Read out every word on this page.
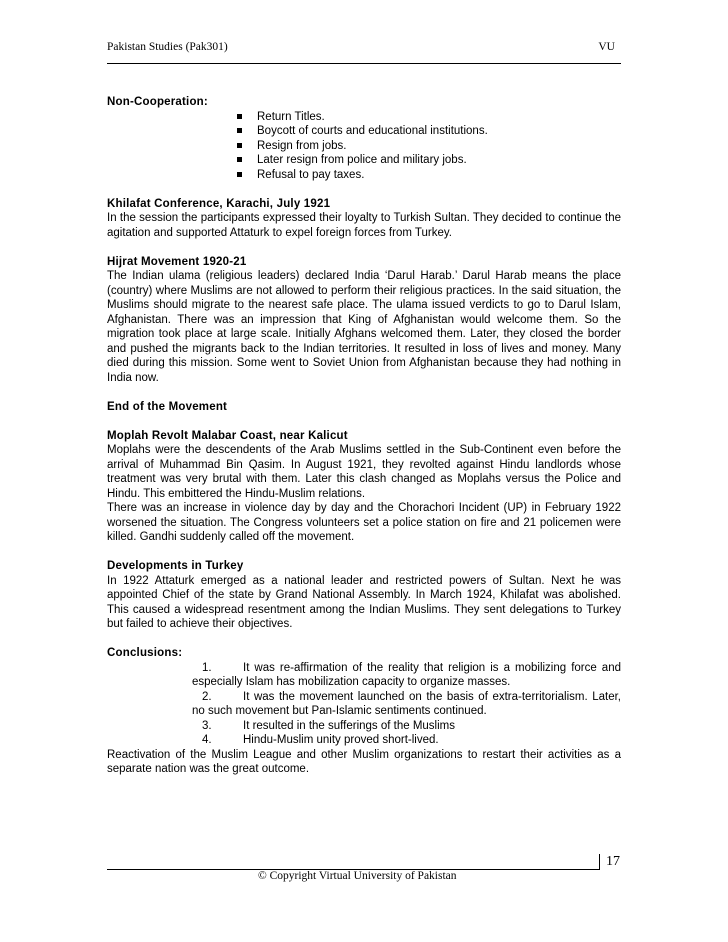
Pakistan Studies (Pak301)	VU

Non-Cooperation:

Return Titles.
Boycott of courts and educational institutions.
Resign from jobs.
Later resign from police and military jobs.
Refusal to pay taxes.

Khilafat Conference, Karachi, July 1921

In the session the participants expressed their loyalty to Turkish Sultan. They decided to continue the agitation and supported Attaturk to expel foreign forces from Turkey.

Hijrat Movement 1920-21

The Indian ulama (religious leaders) declared India ‘Darul Harab.’ Darul Harab means the place (country) where Muslims are not allowed to perform their religious practices. In the said situation, the Muslims should migrate to the nearest safe place. The ulama issued verdicts to go to Darul Islam, Afghanistan. There was an impression that King of Afghanistan would welcome them. So the migration took place at large scale. Initially Afghans welcomed them. Later, they closed the border and pushed the migrants back to the Indian territories. It resulted in loss of lives and money. Many died during this mission. Some went to Soviet Union from Afghanistan because they had nothing in India now.

End of the Movement

Moplah Revolt Malabar Coast, near Kalicut

Moplahs were the descendents of the Arab Muslims settled in the Sub-Continent even before the arrival of Muhammad Bin Qasim. In August 1921, they revolted against Hindu landlords whose treatment was very brutal with them. Later this clash changed as Moplahs versus the Police and Hindu. This embittered the Hindu-Muslim relations.

There was an increase in violence day by day and the Chorachori Incident (UP) in February 1922 worsened the situation. The Congress volunteers set a police station on fire and 21 policemen were killed. Gandhi suddenly called off the movement.

Developments in Turkey

In 1922 Attaturk emerged as a national leader and restricted powers of Sultan. Next he was appointed Chief of the state by Grand National Assembly. In March 1924, Khilafat was abolished. This caused a widespread resentment among the Indian Muslims. They sent delegations to Turkey but failed to achieve their objectives.

Conclusions:

1.	It was re-affirmation of the reality that religion is a mobilizing force and especially Islam has mobilization capacity to organize masses.

2.	It was the movement launched on the basis of extra-territorialism. Later, no such movement but Pan-Islamic sentiments continued.

3.	It resulted in the sufferings of the Muslims

4.	Hindu-Muslim unity proved short-lived.

Reactivation of the Muslim League and other Muslim organizations to restart their activities as a separate nation was the great outcome.

17
© Copyright Virtual University of Pakistan
